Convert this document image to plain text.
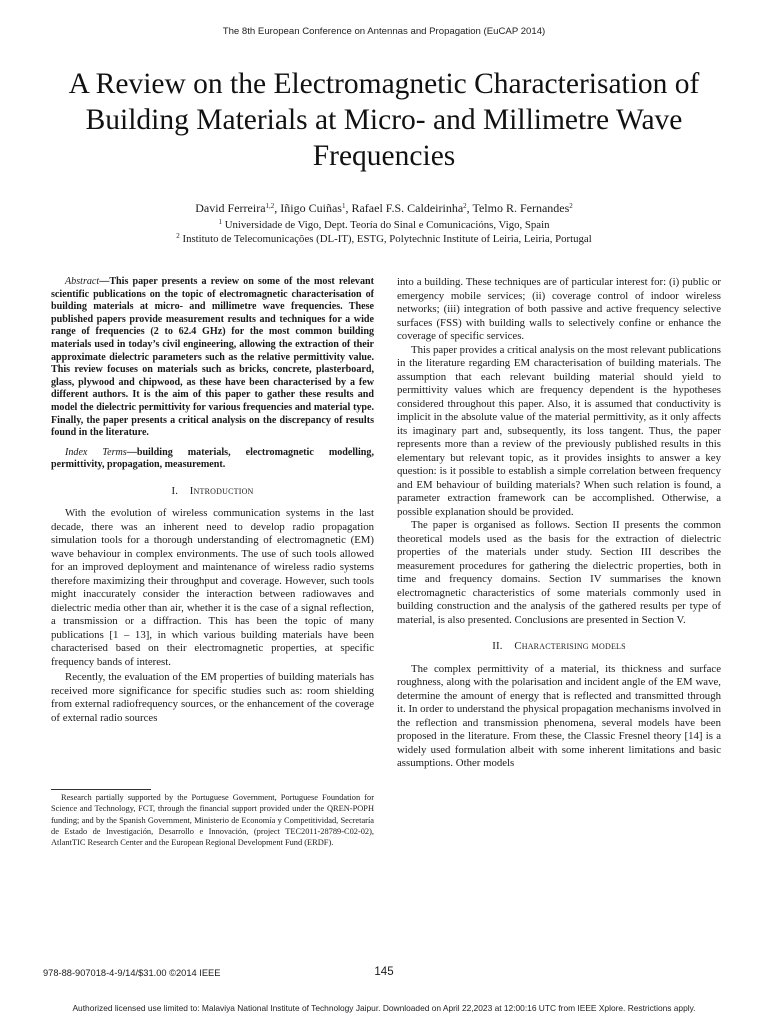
The 8th European Conference on Antennas and Propagation (EuCAP 2014)
A Review on the Electromagnetic Characterisation of Building Materials at Micro- and Millimetre Wave Frequencies
David Ferreira$^{1,2}$, Iñigo Cuiñas$^1$, Rafael F.S. Caldeirinha$^2$, Telmo R. Fernandes$^2$
$^1$ Universidade de Vigo, Dept. Teoría do Sinal e Comunicacións, Vigo, Spain
$^2$ Instituto de Telecomunicações (DL-IT), ESTG, Polytechnic Institute of Leiria, Leiria, Portugal

Abstract—This paper presents a review on some of the most relevant scientific publications on the topic of electromagnetic characterisation of building materials at micro- and millimetre wave frequencies. These published papers provide measurement results and techniques for a wide range of frequencies (2 to 62.4 GHz) for the most common building materials used in today’s civil engineering, allowing the extraction of their approximate dielectric parameters such as the relative permittivity value. This review focuses on materials such as bricks, concrete, plasterboard, glass, plywood and chipwood, as these have been characterised by a few different authors. It is the aim of this paper to gather these results and model the dielectric permittivity for various frequencies and material type. Finally, the paper presents a critical analysis on the discrepancy of results found in the literature.

Index Terms—building materials, electromagnetic modelling, permittivity, propagation, measurement.

I. Introduction

With the evolution of wireless communication systems in the last decade, there was an inherent need to develop radio propagation simulation tools for a thorough understanding of electromagnetic (EM) wave behaviour in complex environments. The use of such tools allowed for an improved deployment and maintenance of wireless radio systems therefore maximizing their throughput and coverage. However, such tools might inaccurately consider the interaction between radiowaves and dielectric media other than air, whether it is the case of a signal reflection, a transmission or a diffraction. This has been the topic of many publications [1 – 13], in which various building materials have been characterised based on their electromagnetic properties, at specific frequency bands of interest.

Recently, the evaluation of the EM properties of building materials has received more significance for specific studies such as: room shielding from external radiofrequency sources, or the enhancement of the coverage of external radio sources

Research partially supported by the Portuguese Government, Portuguese Foundation for Science and Technology, FCT, through the financial support provided under the QREN-POPH funding; and by the Spanish Government, Ministerio de Economía y Competitividad, Secretaría de Estado de Investigación, Desarrollo e Innovación, (project TEC2011-28789-C02-02), AtlantTIC Research Center and the European Regional Development Fund (ERDF).

into a building. These techniques are of particular interest for: (i) public or emergency mobile services; (ii) coverage control of indoor wireless networks; (iii) integration of both passive and active frequency selective surfaces (FSS) with building walls to selectively confine or enhance the coverage of specific services.

This paper provides a critical analysis on the most relevant publications in the literature regarding EM characterisation of building materials. The assumption that each relevant building material should yield to permittivity values which are frequency dependent is the hypotheses considered throughout this paper. Also, it is assumed that conductivity is implicit in the absolute value of the material permittivity, as it only affects its imaginary part and, subsequently, its loss tangent. Thus, the paper represents more than a review of the previously published results in this elementary but relevant topic, as it provides insights to answer a key question: is it possible to establish a simple correlation between frequency and EM behaviour of building materials? When such relation is found, a parameter extraction framework can be accomplished. Otherwise, a possible explanation should be provided.

The paper is organised as follows. Section II presents the common theoretical models used as the basis for the extraction of dielectric properties of the materials under study. Section III describes the measurement procedures for gathering the dielectric properties, both in time and frequency domains. Section IV summarises the known electromagnetic characteristics of some materials commonly used in building construction and the analysis of the gathered results per type of material, is also presented. Conclusions are presented in Section V.

II. Characterising models

The complex permittivity of a material, its thickness and surface roughness, along with the polarisation and incident angle of the EM wave, determine the amount of energy that is reflected and transmitted through it. In order to understand the physical propagation mechanisms involved in the reflection and transmission phenomena, several models have been proposed in the literature. From these, the Classic Fresnel theory [14] is a widely used formulation albeit with some inherent limitations and basic assumptions. Other models

978-88-907018-4-9/14/$31.00 ©2014 IEEE	145
Authorized licensed use limited to: Malaviya National Institute of Technology Jaipur. Downloaded on April 22,2023 at 12:00:16 UTC from IEEE Xplore. Restrictions apply.
